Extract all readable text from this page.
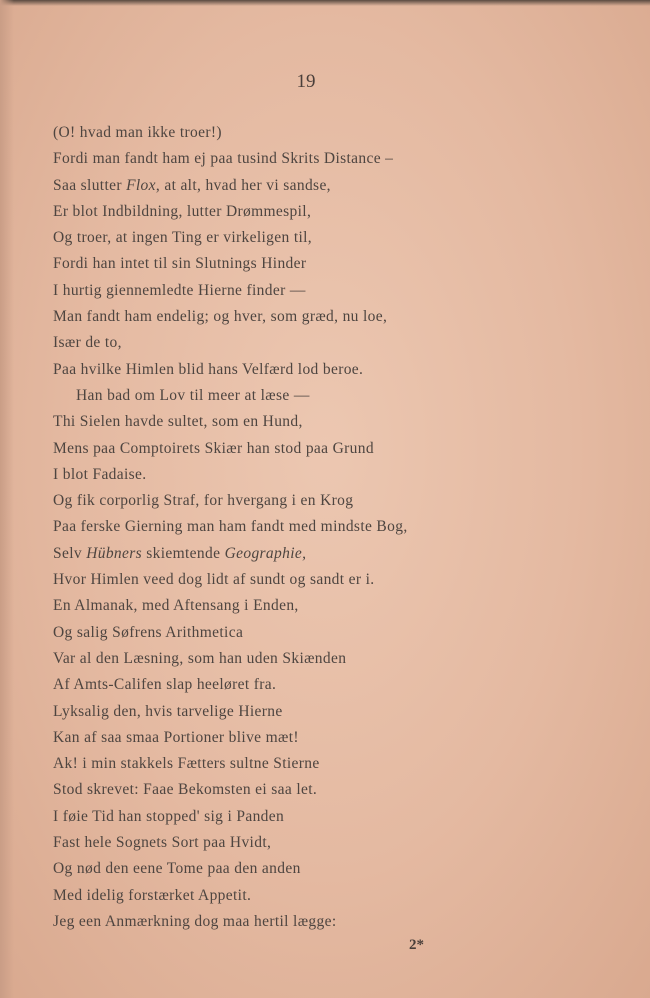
19
(O! hvad man ikke troer!)
Fordi man fandt ham ej paa tusind Skrits Distance –
Saa slutter Flox, at alt, hvad her vi sandse,
Er blot Indbildning, lutter Drømmespil,
Og troer, at ingen Ting er virkeligen til,
Fordi han intet til sin Slutnings Hinder
I hurtig giennemledte Hierne finder —
Man fandt ham endelig; og hver, som græd, nu loe,
Især de to,
Paa hvilke Himlen blid hans Velfærd lod beroe.
Han bad om Lov til meer at læse —
Thi Sielen havde sultet, som en Hund,
Mens paa Comptoirets Skiær han stod paa Grund
I blot Fadaise.
Og fik corporlig Straf, for hvergang i en Krog
Paa ferske Gierning man ham fandt med mindste Bog,
Selv Hübners skiemtende Geographie,
Hvor Himlen veed dog lidt af sundt og sandt er i.
En Almanak, med Aftensang i Enden,
Og salig Søfrens Arithmetica
Var al den Læsning, som han uden Skiænden
Af Amts-Califen slap heeløret fra.
Lyksalig den, hvis tarvelige Hierne
Kan af saa smaa Portioner blive mæt!
Ak! i min stakkels Fætters sultne Stierne
Stod skrevet: Faae Bekomsten ei saa let.
I føie Tid han stopped' sig i Panden
Fast hele Sognets Sort paa Hvidt,
Og nød den eene Tome paa den anden
Med idelig forstærket Appetit.
Jeg een Anmærkning dog maa hertil lægge:
2*
